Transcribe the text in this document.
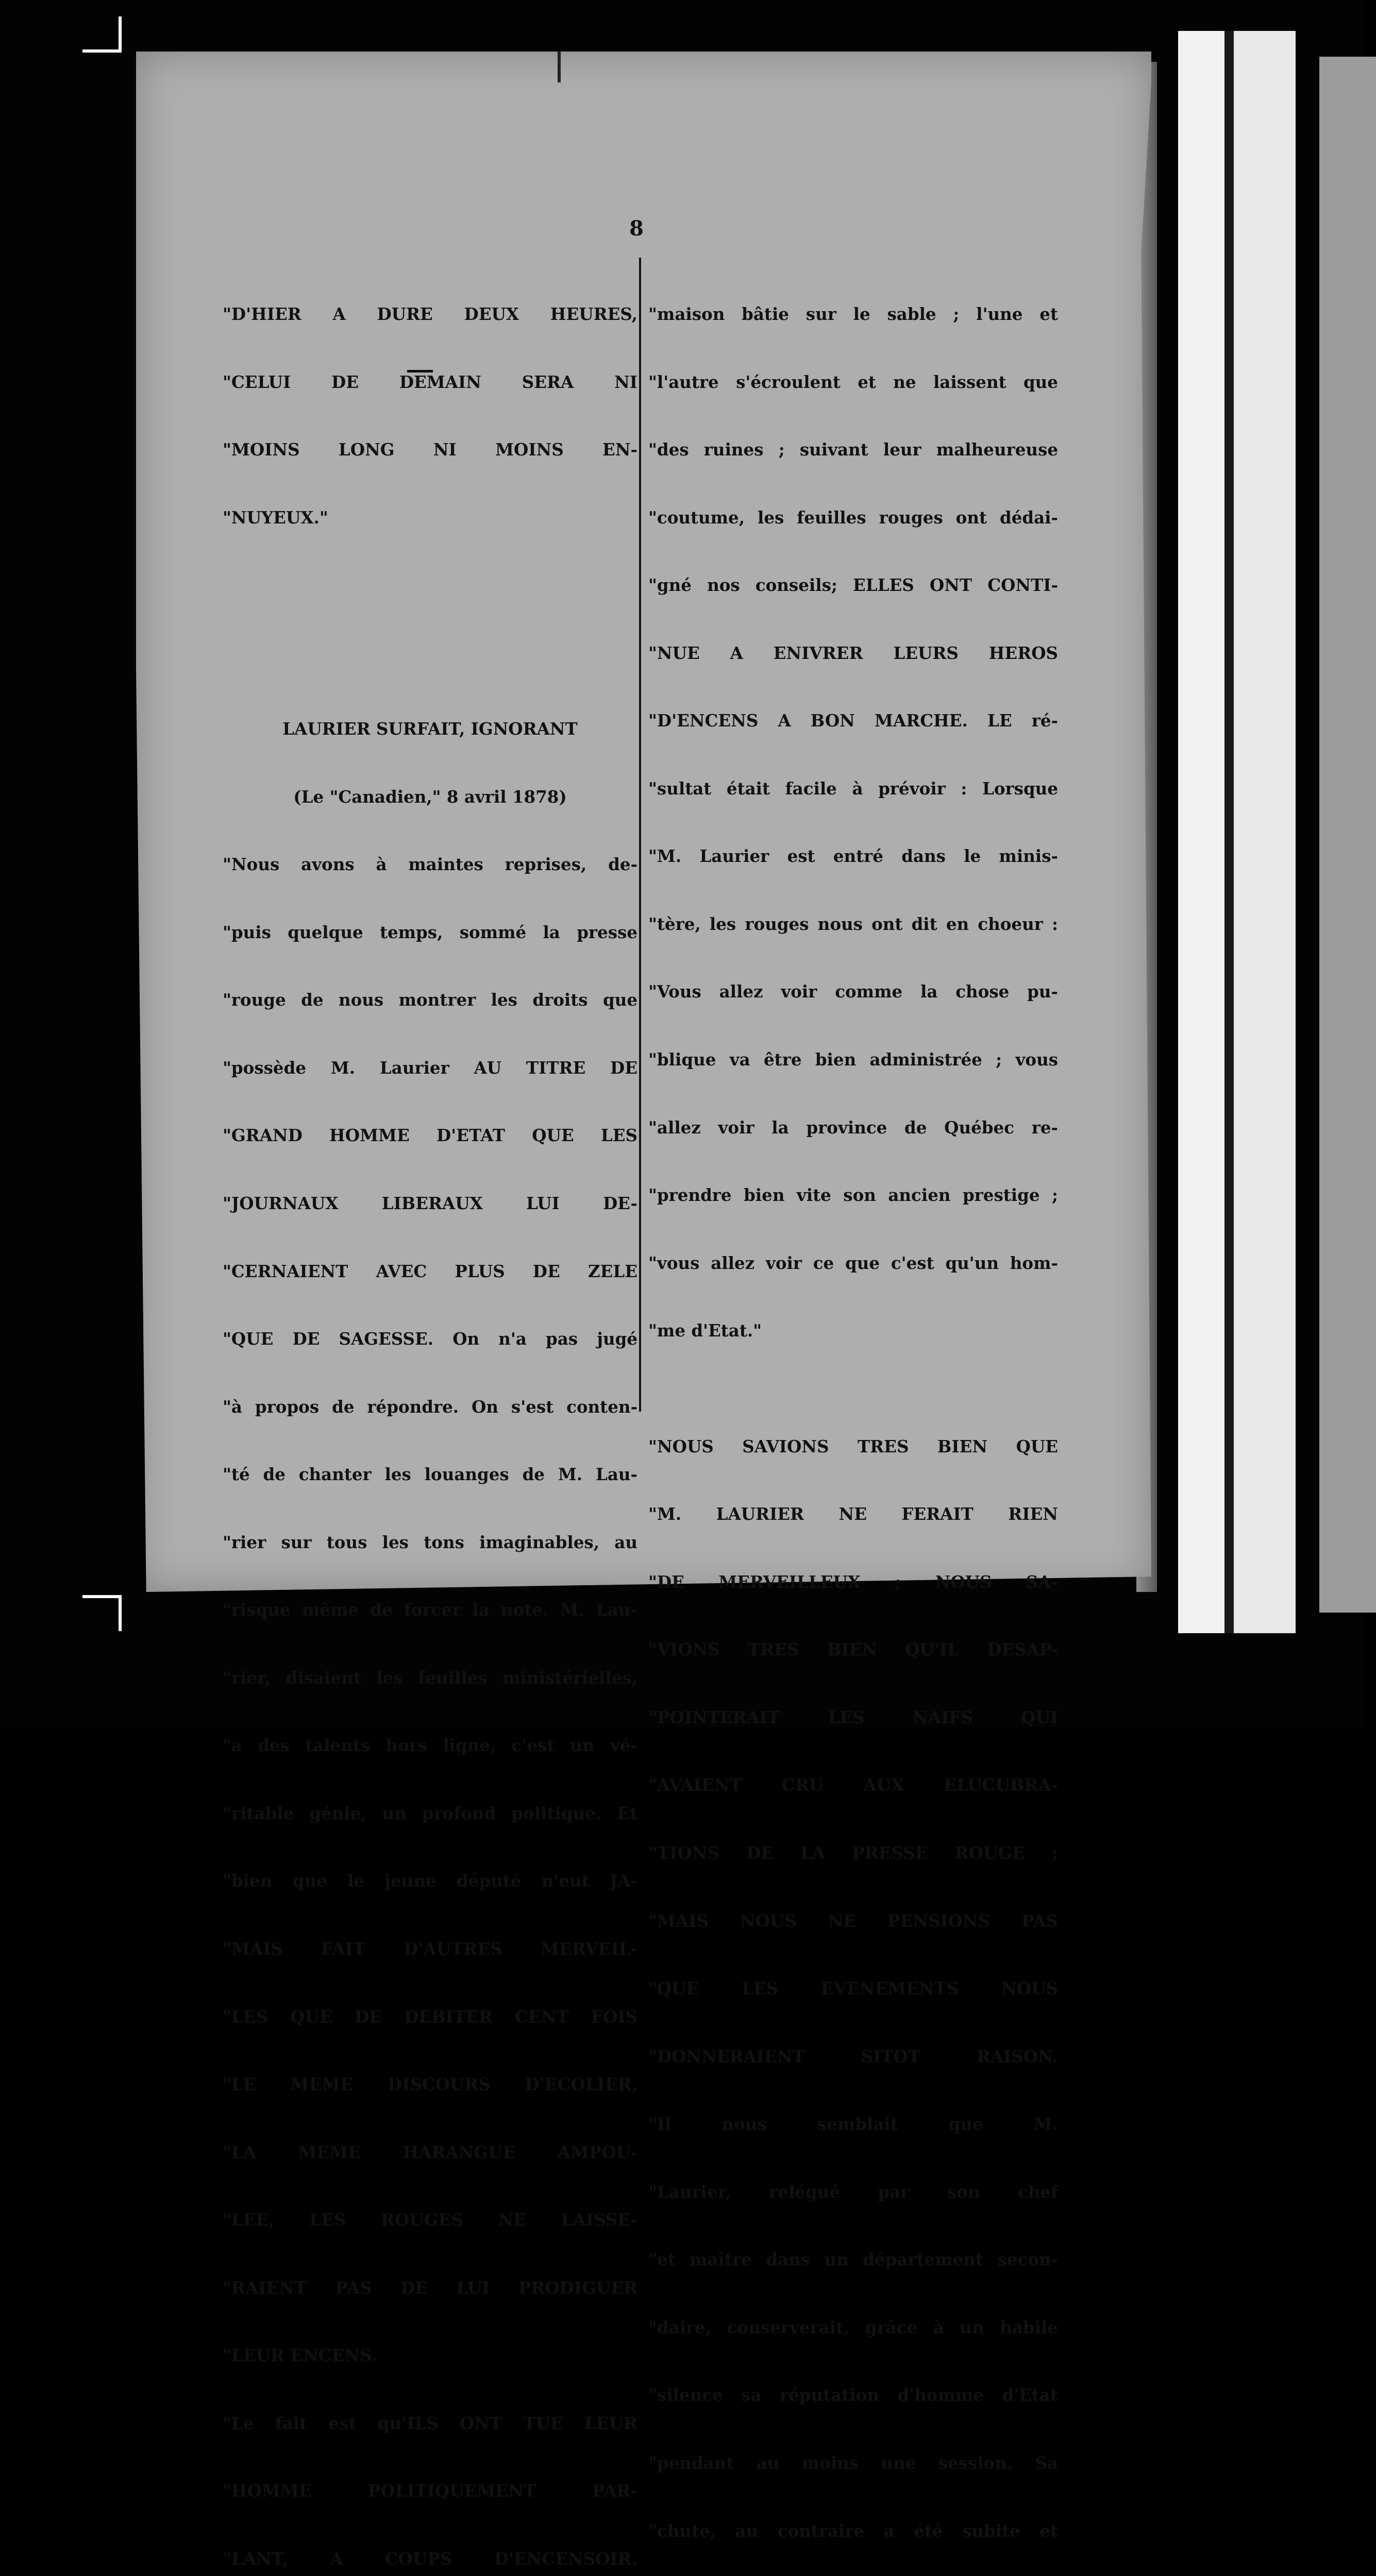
8

"D'HIER A DURE DEUX HEURES,

"CELUI DE DEMAIN SERA NI

"MOINS LONG NI MOINS EN-

"NUYEUX."

LAURIER SURFAIT, IGNORANT

(Le "Canadien," 8 avril 1878)

"Nous avons à maintes reprises, de-

"puis quelque temps, sommé la presse

"rouge de nous montrer les droits que

"possède M. Laurier AU TITRE DE

"GRAND HOMME D'ETAT QUE LES

"JOURNAUX LIBERAUX LUI DE-

"CERNAIENT AVEC PLUS DE ZELE

"QUE DE SAGESSE. On n'a pas jugé

"à propos de répondre. On s'est conten-

"té de chanter les louanges de M. Lau-

"rier sur tous les tons imaginables, au

"risque même de forcer la note. M. Lau-

"rier, disaient les feuilles ministérielles,

"a des talents hors ligne, c'est un vé-

"ritable génie, un profond politique. Et

"bien que le jeune député n'eut JA-

"MAIS FAIT D'AUTRES MERVEIL-

"LES QUE DE DEBITER CENT FOIS

"LE MEME DISCOURS D'ECOLIER,

"LA MEME HARANGUE AMPOU-

"LEE, LES ROUGES NE LAISSE-

"RAIENT PAS DE LUI PRODIGUER

"LEUR ENCENS.

"Le fait est qu'ILS ONT TUE LEUR

"HOMME POLITIQUEMENT PAR-

"LANT, A COUPS D'ENCENSOIR.

"maison bâtie sur le sable ; l'une et

"l'autre s'écroulent et ne laissent que

"des ruines ; suivant leur malheureuse

"coutume, les feuilles rouges ont dédai-

"gné nos conseils; ELLES ONT CONTI-

"NUE A ENIVRER LEURS HEROS

"D'ENCENS A BON MARCHE. LE ré-

"sultat était facile à prévoir : Lorsque

"M. Laurier est entré dans le minis-

"tère, les rouges nous ont dit en choeur :

"Vous allez voir comme la chose pu-

"blique va être bien administrée ; vous

"allez voir la province de Québec re-

"prendre bien vite son ancien prestige ;

"vous allez voir ce que c'est qu'un hom-

"me d'Etat."

"NOUS SAVIONS TRES BIEN QUE

"M. LAURIER NE FERAIT RIEN

"DE MERVEILLEUX ; NOUS SA-

"VIONS TRES BIEN QU'IL DESAP-

"POINTERAIT LES NAIFS QUI

"AVAIENT CRU AUX ELUCUBRA-

"TIONS DE LA PRESSE ROUGE ;

"MAIS NOUS NE PENSIONS PAS

"QUE LES EVENEMENTS NOUS

"DONNERAIENT SITOT RAISON.

"Il nous semblait que M.

"Laurier, relégué par son chef

"et maître dans un département secon-

"daire, conserverait, grâce à un habile

"silence sa réputation d'homme d'Etat

"pendant au moins une session. Sa

"chute, au contraire a été subite et
